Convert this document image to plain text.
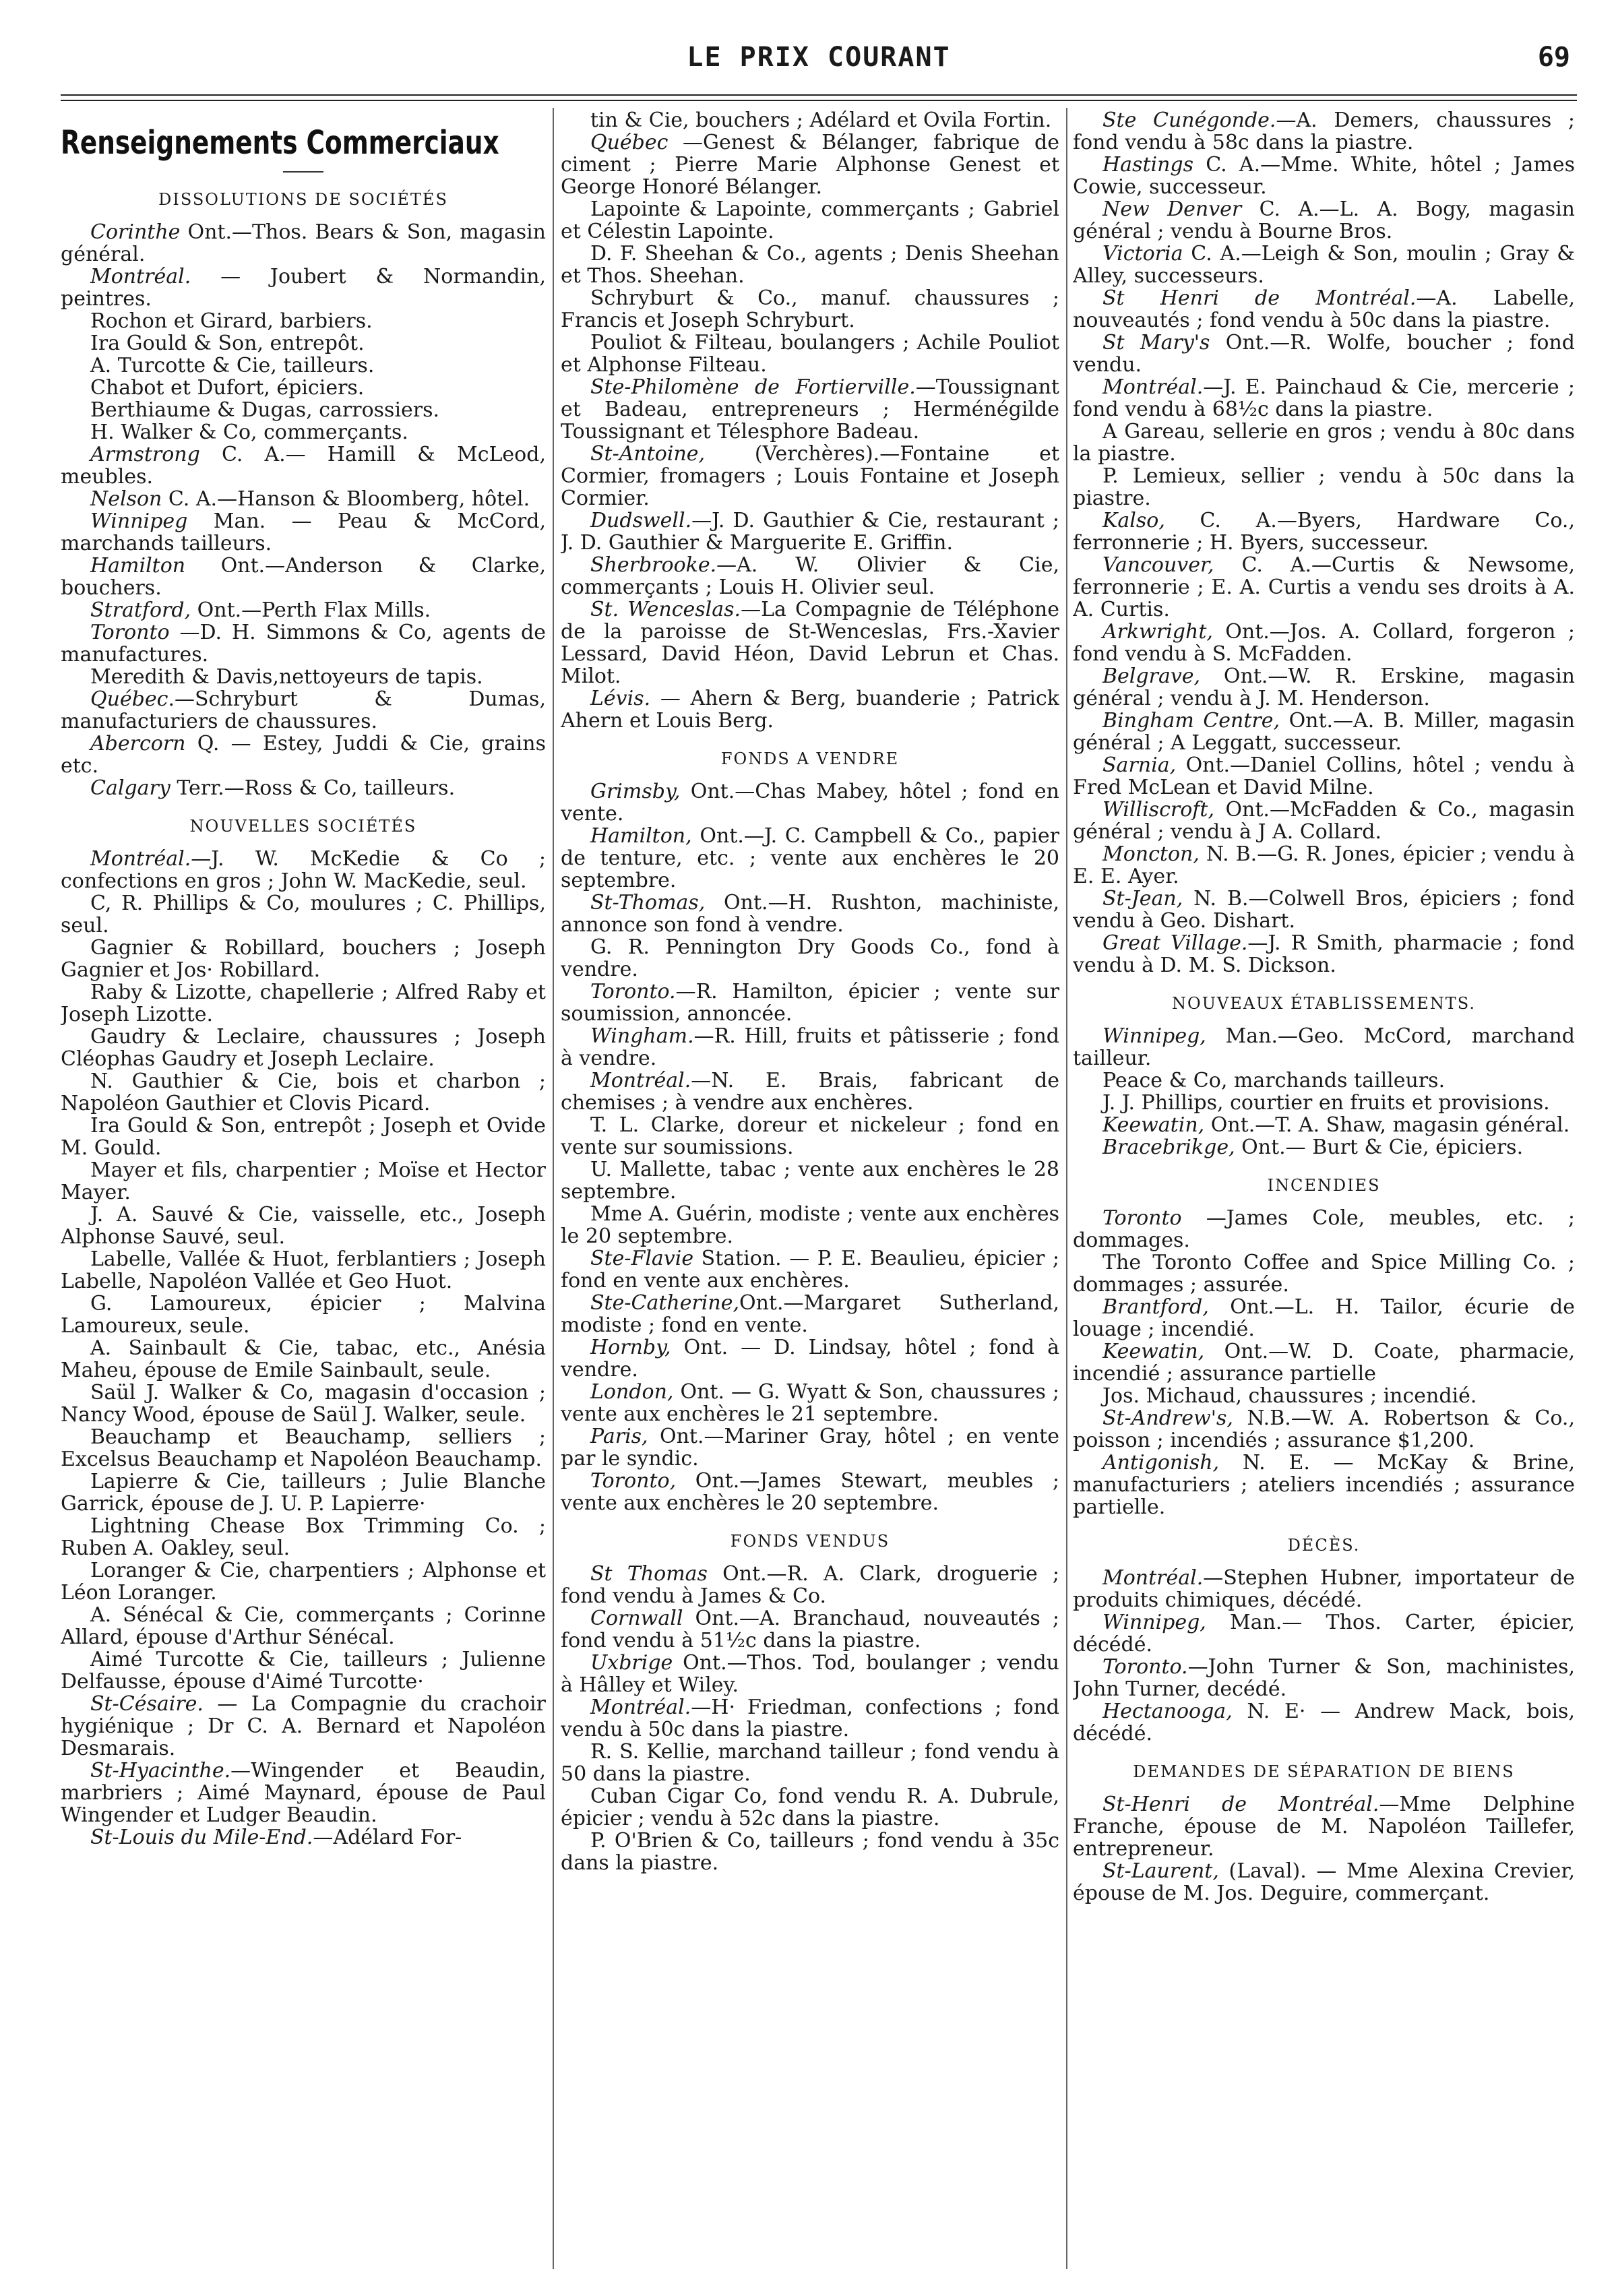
LE PRIX COURANT	69
Renseignements Commerciaux
DISSOLUTIONS DE SOCIÉTÉS

Corinthe Ont.—Thos. Bears & Son, magasin général.

Montréal. — Joubert & Normandin, peintres.

Rochon et Girard, barbiers.

Ira Gould & Son, entrepôt.

A. Turcotte & Cie, tailleurs.

Chabot et Dufort, épiciers.

Berthiaume & Dugas, carrossiers.

H. Walker & Co, commerçants.

Armstrong C. A.— Hamill & McLeod, meubles.

Nelson C. A.—Hanson & Bloomberg, hôtel.

Winnipeg Man. — Peau & McCord, marchands tailleurs.

Hamilton Ont.—Anderson & Clarke, bouchers.

Stratford, Ont.—Perth Flax Mills.

Toronto —D. H. Simmons & Co, agents de manufactures.

Meredith & Davis,nettoyeurs de tapis.

Québec.—Schryburt & Dumas, manufacturiers de chaussures.

Abercorn Q. — Estey, Juddi & Cie, grains etc.

Calgary Terr.—Ross & Co, tailleurs.

NOUVELLES SOCIÉTÉS

Montréal.—J. W. McKedie & Co ; confections en gros ; John W. MacKedie, seul.

C, R. Phillips & Co, moulures ; C. Phillips, seul.

Gagnier & Robillard, bouchers ; Joseph Gagnier et Jos· Robillard.

Raby & Lizotte, chapellerie ; Alfred Raby et Joseph Lizotte.

Gaudry & Leclaire, chaussures ; Joseph Cléophas Gaudry et Joseph Leclaire.

N. Gauthier & Cie, bois et charbon ; Napoléon Gauthier et Clovis Picard.

Ira Gould & Son, entrepôt ; Joseph et Ovide M. Gould.

Mayer et fils, charpentier ; Moïse et Hector Mayer.

J. A. Sauvé & Cie, vaisselle, etc., Joseph Alphonse Sauvé, seul.

Labelle, Vallée & Huot, ferblantiers ; Joseph Labelle, Napoléon Vallée et Geo Huot.

G. Lamoureux, épicier ; Malvina Lamoureux, seule.

A. Sainbault & Cie, tabac, etc., Anésia Maheu, épouse de Emile Sainbault, seule.

Saül J. Walker & Co, magasin d'occasion ; Nancy Wood, épouse de Saül J. Walker, seule.

Beauchamp et Beauchamp, selliers ; Excelsus Beauchamp et Napoléon Beauchamp.

Lapierre & Cie, tailleurs ; Julie Blanche Garrick, épouse de J. U. P. Lapierre·

Lightning Chease Box Trimming Co. ; Ruben A. Oakley, seul.

Loranger & Cie, charpentiers ; Alphonse et Léon Loranger.

A. Sénécal & Cie, commerçants ; Corinne Allard, épouse d'Arthur Sénécal.

Aimé Turcotte & Cie, tailleurs ; Julienne Delfausse, épouse d'Aimé Turcotte·

St-Césaire. — La Compagnie du crachoir hygiénique ; Dr C. A. Bernard et Napoléon Desmarais.

St-Hyacinthe.—Wingender et Beaudin, marbriers ; Aimé Maynard, épouse de Paul Wingender et Ludger Beaudin.

St-Louis du Mile-End.—Adélard For-

tin & Cie, bouchers ; Adélard et Ovila Fortin.

Québec —Genest & Bélanger, fabrique de ciment ; Pierre Marie Alphonse Genest et George Honoré Bélanger.

Lapointe & Lapointe, commerçants ; Gabriel et Célestin Lapointe.

D. F. Sheehan & Co., agents ; Denis Sheehan et Thos. Sheehan.

Schryburt & Co., manuf. chaussures ; Francis et Joseph Schryburt.

Pouliot & Filteau, boulangers ; Achile Pouliot et Alphonse Filteau.

Ste-Philomène de Fortierville.—Toussignant et Badeau, entrepreneurs ; Herménégilde Toussignant et Télesphore Badeau.

St-Antoine, (Verchères).—Fontaine et Cormier, fromagers ; Louis Fontaine et Joseph Cormier.

Dudswell.—J. D. Gauthier & Cie, restaurant ; J. D. Gauthier & Marguerite E. Griffin.

Sherbrooke.—A. W. Olivier & Cie, commerçants ; Louis H. Olivier seul.

St. Wenceslas.—La Compagnie de Téléphone de la paroisse de St-Wenceslas, Frs.-Xavier Lessard, David Héon, David Lebrun et Chas. Milot.

Lévis. — Ahern & Berg, buanderie ; Patrick Ahern et Louis Berg.

FONDS A VENDRE

Grimsby, Ont.—Chas Mabey, hôtel ; fond en vente.

Hamilton, Ont.—J. C. Campbell & Co., papier de tenture, etc. ; vente aux enchères le 20 septembre.

St-Thomas, Ont.—H. Rushton, machiniste, annonce son fond à vendre.

G. R. Pennington Dry Goods Co., fond à vendre.

Toronto.—R. Hamilton, épicier ; vente sur soumission, annoncée.

Wingham.—R. Hill, fruits et pâtisserie ; fond à vendre.

Montréal.—N. E. Brais, fabricant de chemises ; à vendre aux enchères.

T. L. Clarke, doreur et nickeleur ; fond en vente sur soumissions.

U. Mallette, tabac ; vente aux enchères le 28 septembre.

Mme A. Guérin, modiste ; vente aux enchères le 20 septembre.

Ste-Flavie Station. — P. E. Beaulieu, épicier ; fond en vente aux enchères.

Ste-Catherine,Ont.—Margaret Sutherland, modiste ; fond en vente.

Hornby, Ont. — D. Lindsay, hôtel ; fond à vendre.

London, Ont. — G. Wyatt & Son, chaussures ; vente aux enchères le 21 septembre.

Paris, Ont.—Mariner Gray, hôtel ; en vente par le syndic.

Toronto, Ont.—James Stewart, meubles ; vente aux enchères le 20 septembre.

FONDS VENDUS

St Thomas Ont.—R. A. Clark, droguerie ; fond vendu à James & Co.

Cornwall Ont.—A. Branchaud, nouveautés ; fond vendu à 51½c dans la piastre.

Uxbrige Ont.—Thos. Tod, boulanger ; vendu à Hâlley et Wiley.

Montréal.—H· Friedman, confections ; fond vendu à 50c dans la piastre.

R. S. Kellie, marchand tailleur ; fond vendu à 50 dans la piastre.

Cuban Cigar Co, fond vendu R. A. Dubrule, épicier ; vendu à 52c dans la piastre.

P. O'Brien & Co, tailleurs ; fond vendu à 35c dans la piastre.

Ste Cunégonde.—A. Demers, chaussures ; fond vendu à 58c dans la piastre.

Hastings C. A.—Mme. White, hôtel ; James Cowie, successeur.

New Denver C. A.—L. A. Bogy, magasin général ; vendu à Bourne Bros.

Victoria C. A.—Leigh & Son, moulin ; Gray & Alley, successeurs.

St Henri de Montréal.—A. Labelle, nouveautés ; fond vendu à 50c dans la piastre.

St Mary's Ont.—R. Wolfe, boucher ; fond vendu.

Montréal.—J. E. Painchaud & Cie, mercerie ; fond vendu à 68½c dans la piastre.

A Gareau, sellerie en gros ; vendu à 80c dans la piastre.

P. Lemieux, sellier ; vendu à 50c dans la piastre.

Kalso, C. A.—Byers, Hardware Co., ferronnerie ; H. Byers, successeur.

Vancouver, C. A.—Curtis & Newsome, ferronnerie ; E. A. Curtis a vendu ses droits à A. A. Curtis.

Arkwright, Ont.—Jos. A. Collard, forgeron ; fond vendu à S. McFadden.

Belgrave, Ont.—W. R. Erskine, magasin général ; vendu à J. M. Henderson.

Bingham Centre, Ont.—A. B. Miller, magasin général ; A Leggatt, successeur.

Sarnia, Ont.—Daniel Collins, hôtel ; vendu à Fred McLean et David Milne.

Williscroft, Ont.—McFadden & Co., magasin général ; vendu à J A. Collard.

Moncton, N. B.—G. R. Jones, épicier ; vendu à E. E. Ayer.

St-Jean, N. B.—Colwell Bros, épiciers ; fond vendu à Geo. Dishart.

Great Village.—J. R Smith, pharmacie ; fond vendu à D. M. S. Dickson.

NOUVEAUX ÉTABLISSEMENTS.

Winnipeg, Man.—Geo. McCord, marchand tailleur.

Peace & Co, marchands tailleurs.

J. J. Phillips, courtier en fruits et provisions.

Keewatin, Ont.—T. A. Shaw, magasin général.

Bracebrikge, Ont.— Burt & Cie, épiciers.

INCENDIES

Toronto —James Cole, meubles, etc. ; dommages.

The Toronto Coffee and Spice Milling Co. ; dommages ; assurée.

Brantford, Ont.—L. H. Tailor, écurie de louage ; incendié.

Keewatin, Ont.—W. D. Coate, pharmacie, incendié ; assurance partielle

Jos. Michaud, chaussures ; incendié.

St-Andrew's, N.B.—W. A. Robertson & Co., poisson ; incendiés ; assurance $1,200.

Antigonish, N. E. — McKay & Brine, manufacturiers ; ateliers incendiés ; assurance partielle.

DÉCÈS.

Montréal.—Stephen Hubner, importateur de produits chimiques, décédé.

Winnipeg, Man.— Thos. Carter, épicier, décédé.

Toronto.—John Turner & Son, machinistes, John Turner, decédé.

Hectanooga, N. E· — Andrew Mack, bois, décédé.

DEMANDES DE SÉPARATION DE BIENS

St-Henri de Montréal.—Mme Delphine Franche, épouse de M. Napoléon Taillefer, entrepreneur.

St-Laurent, (Laval). — Mme Alexina Crevier, épouse de M. Jos. Deguire, commerçant.
